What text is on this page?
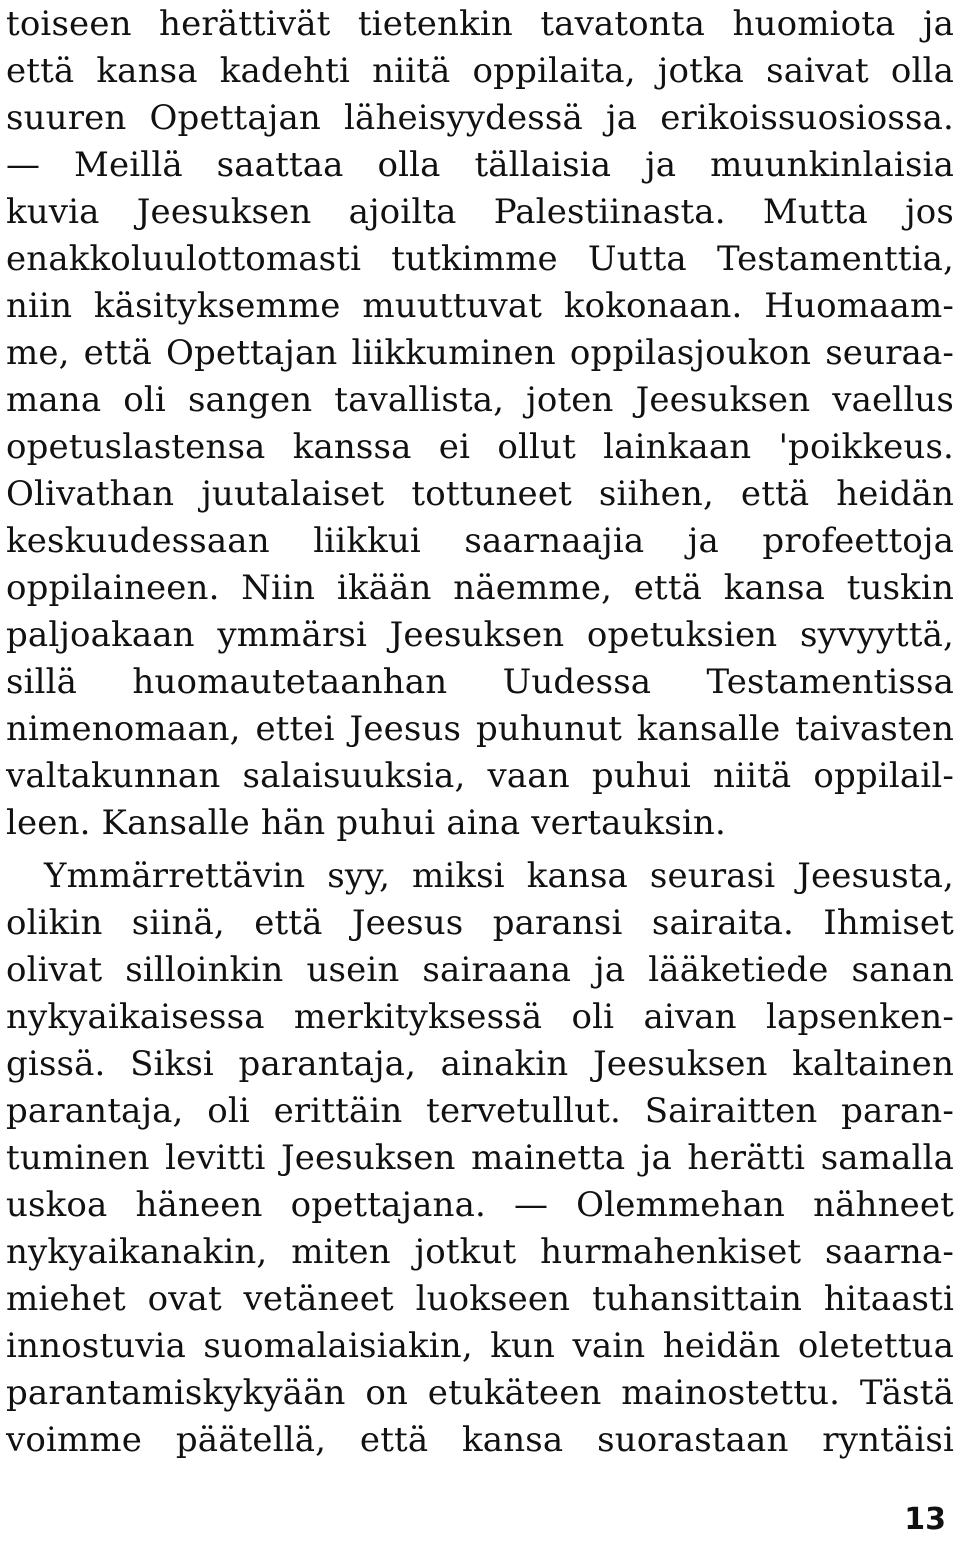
toiseen herättivät tietenkin tavatonta huomiota ja
että kansa kadehti niitä oppilaita, jotka saivat olla
suuren Opettajan läheisyydessä ja erikoissuosiossa.
— Meillä saattaa olla tällaisia ja muunkinlaisia
kuvia Jeesuksen ajoilta Palestiinasta. Mutta jos
enakkoluulottomasti tutkimme Uutta Testamenttia,
niin käsityksemme muuttuvat kokonaan. Huomaam-
me, että Opettajan liikkuminen oppilasjoukon seuraa-
mana oli sangen tavallista, joten Jeesuksen vaellus
opetuslastensa kanssa ei ollut lainkaan 'poikkeus.
Olivathan juutalaiset tottuneet siihen, että heidän
keskuudessaan liikkui saarnaajia ja profeettoja
oppilaineen. Niin ikään näemme, että kansa tuskin
paljoakaan ymmärsi Jeesuksen opetuksien syvyyttä,
sillä huomautetaanhan Uudessa Testamentissa
nimenomaan, ettei Jeesus puhunut kansalle taivasten
valtakunnan salaisuuksia, vaan puhui niitä oppilail-
leen. Kansalle hän puhui aina vertauksin.
Ymmärrettävin syy, miksi kansa seurasi Jeesusta,
olikin siinä, että Jeesus paransi sairaita. Ihmiset
olivat silloinkin usein sairaana ja lääketiede sanan
nykyaikaisessa merkityksessä oli aivan lapsenken-
gissä. Siksi parantaja, ainakin Jeesuksen kaltainen
parantaja, oli erittäin tervetullut. Sairaitten paran-
tuminen levitti Jeesuksen mainetta ja herätti samalla
uskoa häneen opettajana. — Olemmehan nähneet
nykyaikanakin, miten jotkut hurmahenkiset saarna-
miehet ovat vetäneet luokseen tuhansittain hitaasti
innostuvia suomalaisiakin, kun vain heidän oletettua
parantamiskykyään on etukäteen mainostettu. Tästä
voimme päätellä, että kansa suorastaan ryntäisi
13
